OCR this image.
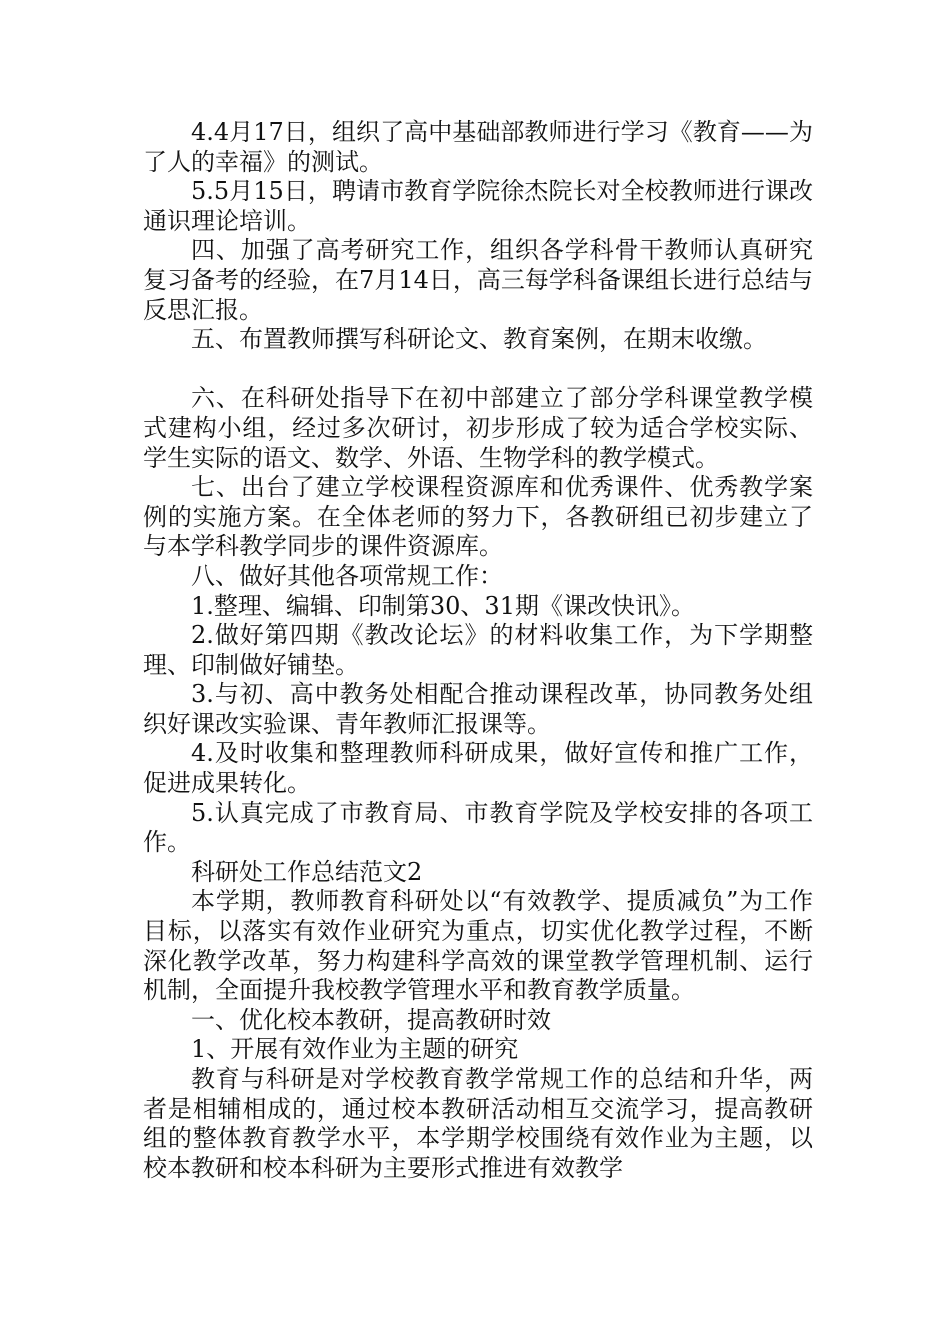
4.4月17日，组织了高中基础部教师进行学习《教育——为了人的幸福》的测试。

5.5月15日，聘请市教育学院徐杰院长对全校教师进行课改通识理论培训。

四、加强了高考研究工作，组织各学科骨干教师认真研究复习备考的经验，在7月14日，高三每学科备课组长进行总结与反思汇报。

五、布置教师撰写科研论文、教育案例，在期末收缴。

六、在科研处指导下在初中部建立了部分学科课堂教学模式建构小组，经过多次研讨，初步形成了较为适合学校实际、学生实际的语文、数学、外语、生物学科的教学模式。

七、出台了建立学校课程资源库和优秀课件、优秀教学案例的实施方案。在全体老师的努力下，各教研组已初步建立了与本学科教学同步的课件资源库。

八、做好其他各项常规工作：

1.整理、编辑、印制第30、31期《课改快讯》。

2.做好第四期《教改论坛》的材料收集工作，为下学期整理、印制做好铺垫。

3.与初、高中教务处相配合推动课程改革，协同教务处组织好课改实验课、青年教师汇报课等。

4.及时收集和整理教师科研成果，做好宣传和推广工作，促进成果转化。

5.认真完成了市教育局、市教育学院及学校安排的各项工作。

科研处工作总结范文2

本学期，教师教育科研处以“有效教学、提质减负”为工作目标，以落实有效作业研究为重点，切实优化教学过程，不断深化教学改革，努力构建科学高效的课堂教学管理机制、运行机制，全面提升我校教学管理水平和教育教学质量。

一、优化校本教研，提高教研时效

1、开展有效作业为主题的研究

教育与科研是对学校教育教学常规工作的总结和升华，两者是相辅相成的，通过校本教研活动相互交流学习，提高教研组的整体教育教学水平，本学期学校围绕有效作业为主题，以校本教研和校本科研为主要形式推进有效教学
